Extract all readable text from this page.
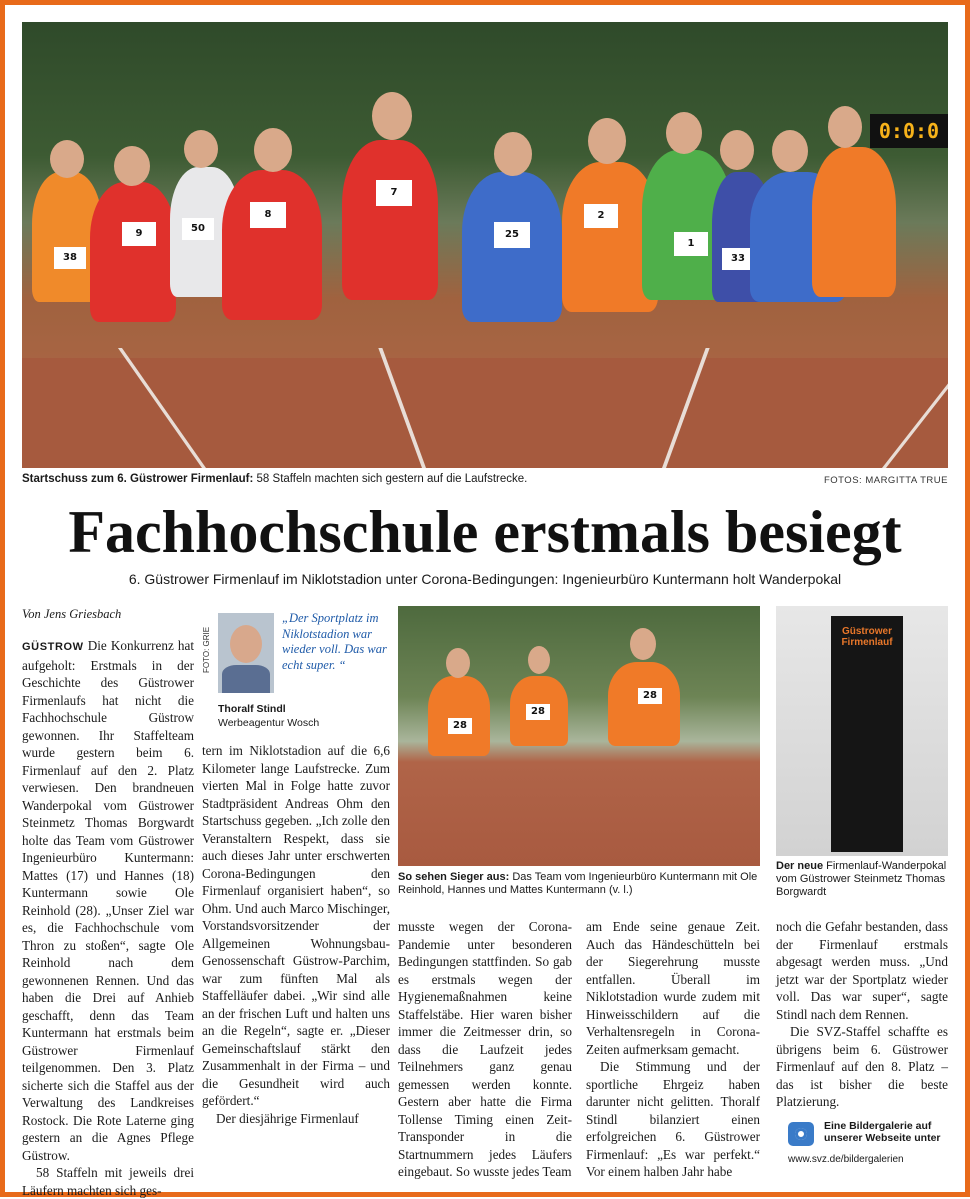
38
9	50
8
7
25
2
1
33
0:0:0
Startschuss zum 6. Güstrower Firmenlauf: 58 Staffeln machten sich gestern auf die Laufstrecke.	FOTOS: MARGITTA TRUE
Fachhochschule erstmals besiegt
6. Güstrower Firmenlauf im Niklotstadion unter Corona-Bedingungen: Ingenieurbüro Kuntermann holt Wanderpokal
Von Jens Griesbach

GÜSTROW Die Konkurrenz hat aufgeholt: Erstmals in der Geschichte des Güstrower Firmenlaufs hat nicht die Fachhochschule Güstrow gewonnen. Ihr Staffelteam wurde gestern beim 6. Firmenlauf auf den 2. Platz verwiesen. Den brandneuen Wanderpokal vom Güstrower Steinmetz Thomas Borgwardt holte das Team vom Güstrower Ingenieurbüro Kuntermann: Mattes (17) und Hannes (18) Kuntermann sowie Ole Reinhold (28). „Unser Ziel war es, die Fachhochschule vom Thron zu stoßen“, sagte Ole Reinhold nach dem gewonnenen Rennen. Und das haben die Drei auf Anhieb geschafft, denn das Team Kuntermann hat erstmals beim Güstrower Firmenlauf teilgenommen. Den 3. Platz sicherte sich die Staffel aus der Verwaltung des Landkreises Rostock. Die Rote Laterne ging gestern an die Agnes Pflege Güstrow.

58 Staffeln mit jeweils drei Läufern machten sich ges-

FOTO: GRIE
„Der Sportplatz im Niklotstadion war wieder voll. Das war echt super. “
Thoralf Stindl
Werbeagentur Wosch

tern im Niklotstadion auf die 6,6 Kilometer lange Laufstrecke. Zum vierten Mal in Folge hatte zuvor Stadtpräsident Andreas Ohm den Startschuss gegeben. „Ich zolle den Veranstaltern Respekt, dass sie auch dieses Jahr unter erschwerten Corona-Bedingungen den Firmenlauf organisiert haben“, so Ohm. Und auch Marco Mischinger, Vorstandsvorsitzender der Allgemeinen Wohnungsbau-Genossenschaft Güstrow-Parchim, war zum fünften Mal als Staffelläufer dabei. „Wir sind alle an der frischen Luft und halten uns an die Regeln“, sagte er. „Dieser Gemeinschaftslauf stärkt den Zusammenhalt in der Firma – und die Gesundheit wird auch gefördert.“

Der diesjährige Firmenlauf

28
28
28
So sehen Sieger aus: Das Team vom Ingenieurbüro Kuntermann mit Ole Reinhold, Hannes und Mattes Kuntermann (v. l.)
Güstrower Firmenlauf
Der neue Firmenlauf-Wanderpokal vom Güstrower Steinmetz Thomas Borgwardt

musste wegen der Corona-Pandemie unter besonderen Bedingungen stattfinden. So gab es erstmals wegen der Hygienemaßnahmen keine Staffelstäbe. Hier waren bisher immer die Zeitmesser drin, so dass die Laufzeit jedes Teilnehmers ganz genau gemessen werden konnte. Gestern aber hatte die Firma Tollense Timing einen Zeit-Transponder in die Startnummern jedes Läufers eingebaut. So wusste jedes Team

am Ende seine genaue Zeit. Auch das Händeschütteln bei der Siegerehrung musste entfallen. Überall im Niklotstadion wurde zudem mit Hinweisschildern auf die Verhaltensregeln in Corona-Zeiten aufmerksam gemacht.

Die Stimmung und der sportliche Ehrgeiz haben darunter nicht gelitten. Thoralf Stindl bilanziert einen erfolgreichen 6. Güstrower Firmenlauf: „Es war perfekt.“ Vor einem halben Jahr habe

noch die Gefahr bestanden, dass der Firmenlauf erstmals abgesagt werden muss. „Und jetzt war der Sportplatz wieder voll. Das war super“, sagte Stindl nach dem Rennen.

Die SVZ-Staffel schaffte es übrigens beim 6. Güstrower Firmenlauf auf den 8. Platz – das ist bisher die beste Platzierung.

Eine Bildergalerie auf unserer Webseite unter
www.svz.de/bildergalerien
